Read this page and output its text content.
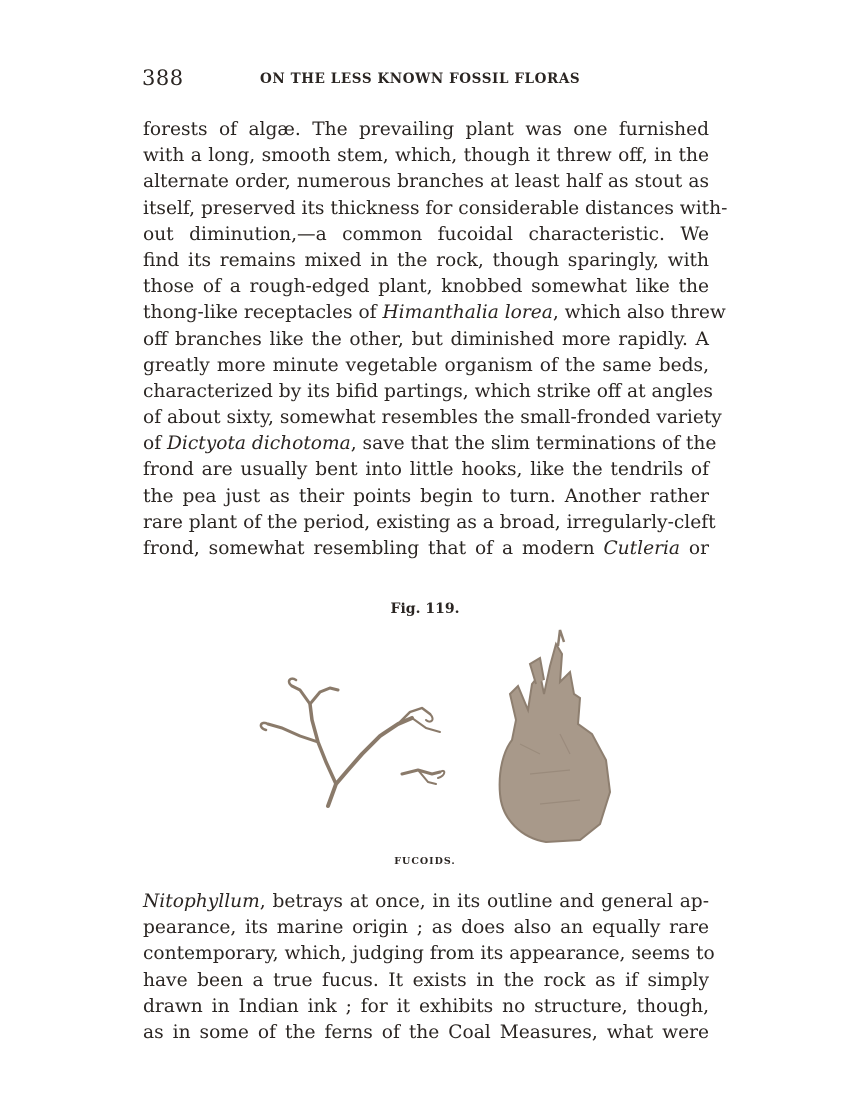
388	ON THE LESS KNOWN FOSSIL FLORAS
forests of algæ. The prevailing plant was one furnished
with a long, smooth stem, which, though it threw off, in the
alternate order, numerous branches at least half as stout as
itself, preserved its thickness for considerable distances with-
out diminution,—a common fucoidal characteristic. We
find its remains mixed in the rock, though sparingly, with
those of a rough-edged plant, knobbed somewhat like the
thong-like receptacles of Himanthalia lorea, which also threw
off branches like the other, but diminished more rapidly. A
greatly more minute vegetable organism of the same beds,
characterized by its bifid partings, which strike off at angles
of about sixty, somewhat resembles the small-fronded variety
of Dictyota dichotoma, save that the slim terminations of the
frond are usually bent into little hooks, like the tendrils of
the pea just as their points begin to turn. Another rather
rare plant of the period, existing as a broad, irregularly-cleft
frond, somewhat resembling that of a modern Cutleria or
Fig. 119.
FUCOIDS.
Nitophyllum, betrays at once, in its outline and general ap-
pearance, its marine origin ; as does also an equally rare
contemporary, which, judging from its appearance, seems to
have been a true fucus. It exists in the rock as if simply
drawn in Indian ink ; for it exhibits no structure, though,
as in some of the ferns of the Coal Measures, what were
